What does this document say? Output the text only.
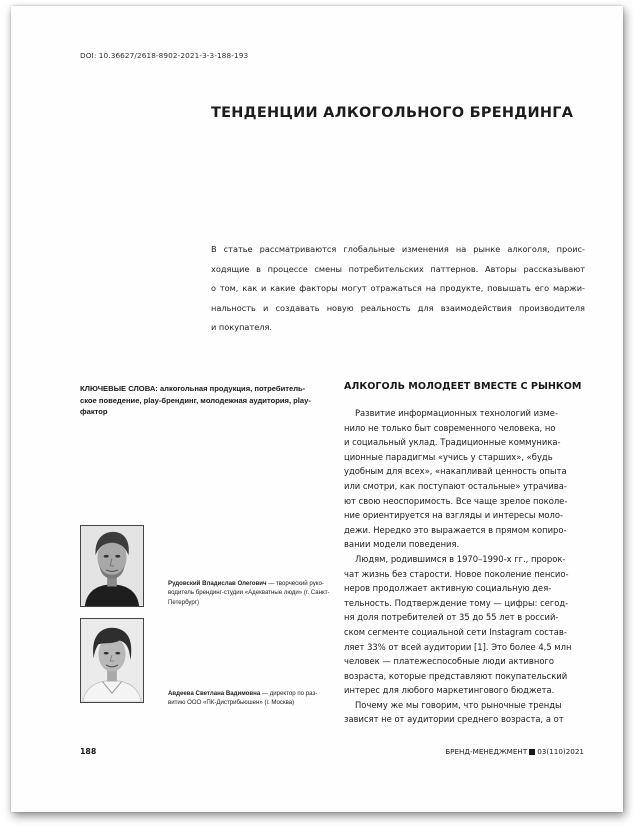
DOI: 10.36627/2618-8902-2021-3-3-188-193
ТЕНДЕНЦИИ АЛКОГОЛЬНОГО БРЕНДИНГА
В статье рассматриваются глобальные изменения на рынке алкоголя, проис-
ходящие в процессе смены потребительских паттернов. Авторы рассказывают
о том, как и какие факторы могут отражаться на продукте, повышать его маржи-
нальность и создавать новую реальность для взаимодействия производителя
и покупателя.
КЛЮЧЕВЫЕ СЛОВА: алкогольная продукция, потребитель-
ское поведение, play-брендинг, молодежная аудитория, play-
фактор
АЛКОГОЛЬ МОЛОДЕЕТ ВМЕСТЕ С РЫНКОМ
Развитие информационных технологий изме-
нило не только быт современного человека, но
и социальный уклад. Традиционные коммуника-
ционные парадигмы «учись у старших», «будь
удобным для всех», «накапливай ценность опыта
или смотри, как поступают остальные» утрачива-
ют свою неоспоримость. Все чаще зрелое поколе-
ние ориентируется на взгляды и интересы моло-
дежи. Нередко это выражается в прямом копиро-
вании модели поведения.
Людям, родившимся в 1970–1990-х гг., пророк-
чат жизнь без старости. Новое поколение пенсио-
неров продолжает активную социальную дея-
тельность. Подтверждение тому — цифры: сегод-
ня доля потребителей от 35 до 55 лет в россий-
ском сегменте социальной сети Instagram состав-
ляет 33% от всей аудитории [1]. Это более 4,5 млн
человек — платежеспособные люди активного
возраста, которые представляют покупательский
интерес для любого маркетингового бюджета.
Почему же мы говорим, что рыночные тренды
зависят не от аудитории среднего возраста, а от
Рудовский Владислав Олегович — творческий руко-
водитель брендинг-студии «Адекватные люди» (г. Санкт-
Петербург)
Авдеева Светлана Вадимовна — директор по раз-
витию ООО «ПК-Дистрибьюшен» (г. Москва)
188	БРЕНД-МЕНЕДЖМЕНТ 03(110)2021
